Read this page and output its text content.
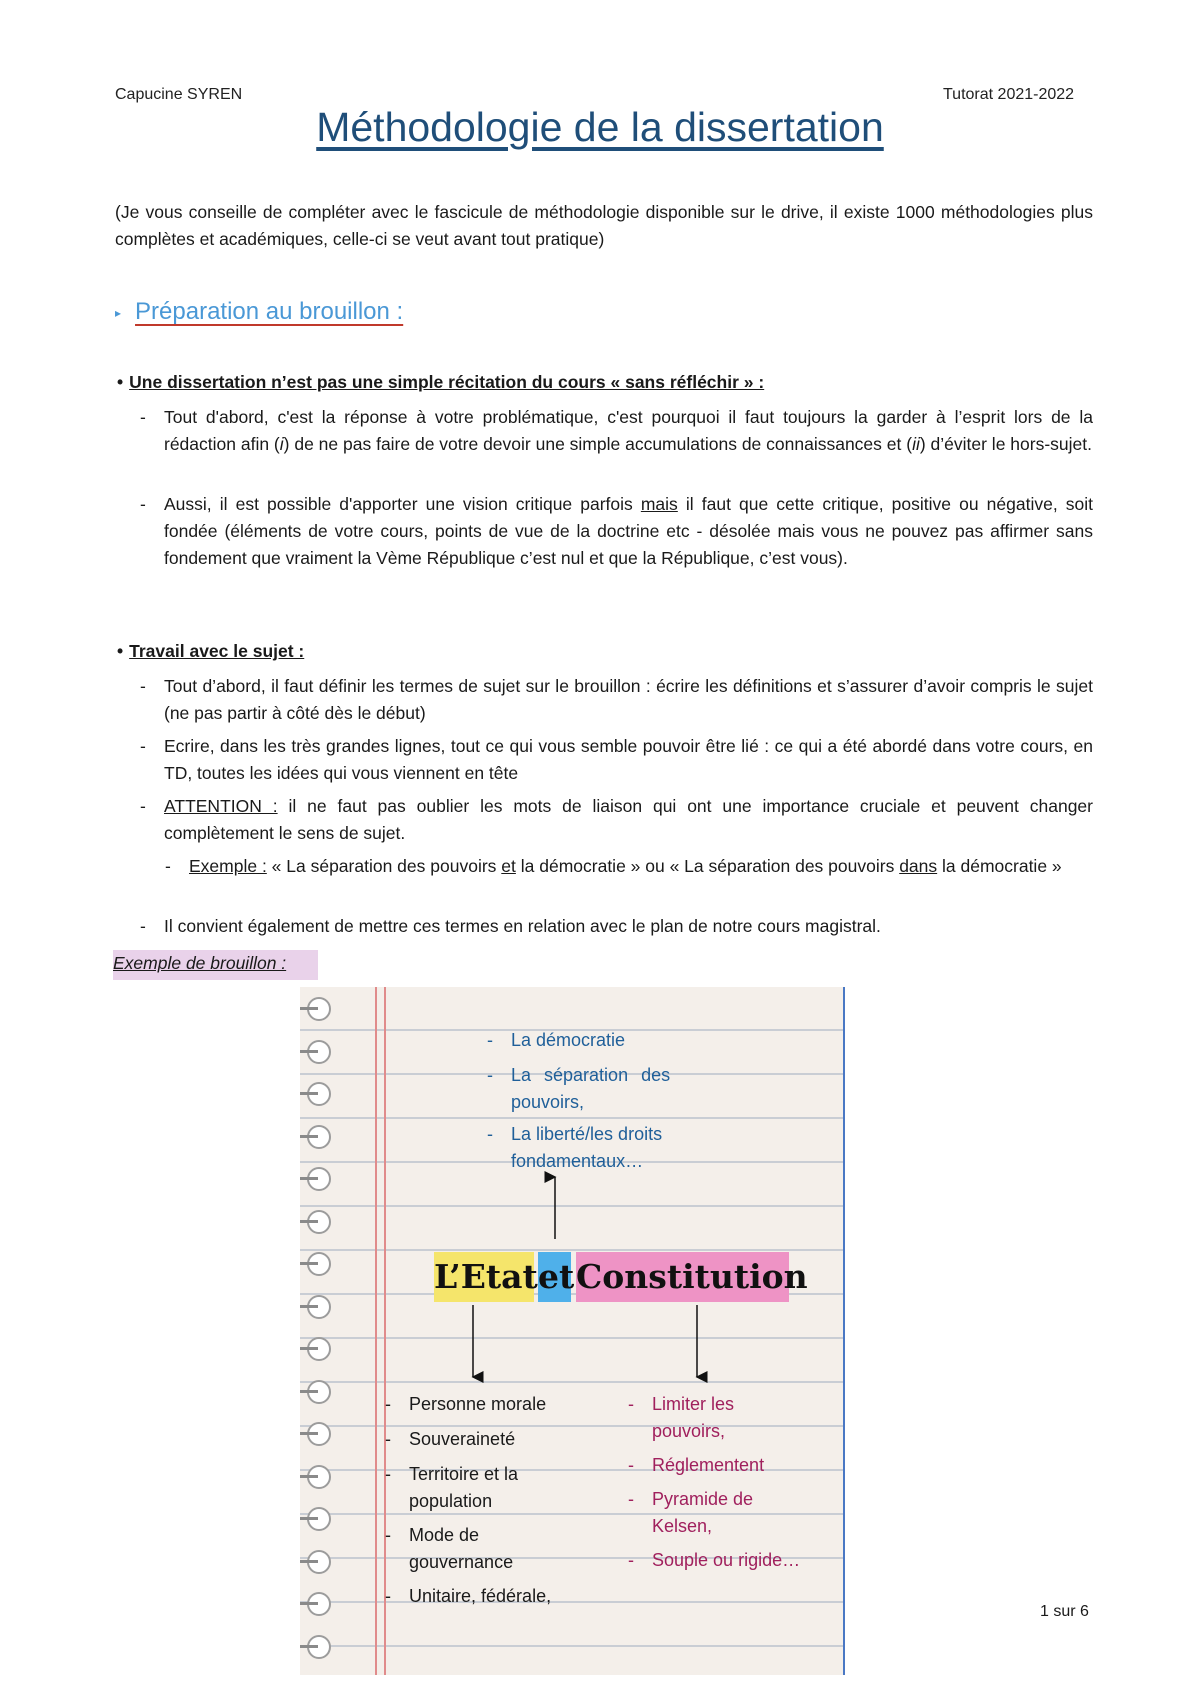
Capucine SYREN	Tutorat 2021-2022
Méthodologie de la dissertation
(Je vous conseille de compléter avec le fascicule de méthodologie disponible sur le drive, il existe 1000 méthodologies plus complètes et académiques, celle-ci se veut avant tout pratique)
▸ Préparation au brouillon :
• Une dissertation n’est pas une simple récitation du cours « sans réfléchir » :
- Tout d'abord, c'est la réponse à votre problématique, c'est pourquoi il faut toujours la garder à l’esprit lors de la rédaction afin (i) de ne pas faire de votre devoir une simple accumulations de connaissances et (ii) d’éviter le hors-sujet.
- Aussi, il est possible d'apporter une vision critique parfois mais il faut que cette critique, positive ou négative, soit fondée (éléments de votre cours, points de vue de la doctrine etc - désolée mais vous ne pouvez pas affirmer sans fondement que vraiment la Vème République c’est nul et que la République, c’est vous).
• Travail avec le sujet :
- Tout d’abord, il faut définir les termes de sujet sur le brouillon : écrire les définitions et s’assurer d’avoir compris le sujet (ne pas partir à côté dès le début)
- Ecrire, dans les très grandes lignes, tout ce qui vous semble pouvoir être lié : ce qui a été abordé dans votre cours, en TD, toutes les idées qui vous viennent en tête
- ATTENTION : il ne faut pas oublier les mots de liaison qui ont une importance cruciale et peuvent changer complètement le sens de sujet.
- Exemple : « La séparation des pouvoirs et la démocratie » ou « La séparation des pouvoirs dans la démocratie »
- Il convient également de mettre ces termes en relation avec le plan de notre cours magistral.
Exemple de brouillon :
- La démocratie
- La séparation des pouvoirs,
- La liberté/les droits fondamentaux…
L’Etat et Constitution
- Personne morale
- Souveraineté
- Territoire et la population
- Mode de gouvernance
- Unitaire, fédérale,
- Limiter les pouvoirs,
- Réglementent
- Pyramide de Kelsen,
- Souple ou rigide…
1 sur 6
